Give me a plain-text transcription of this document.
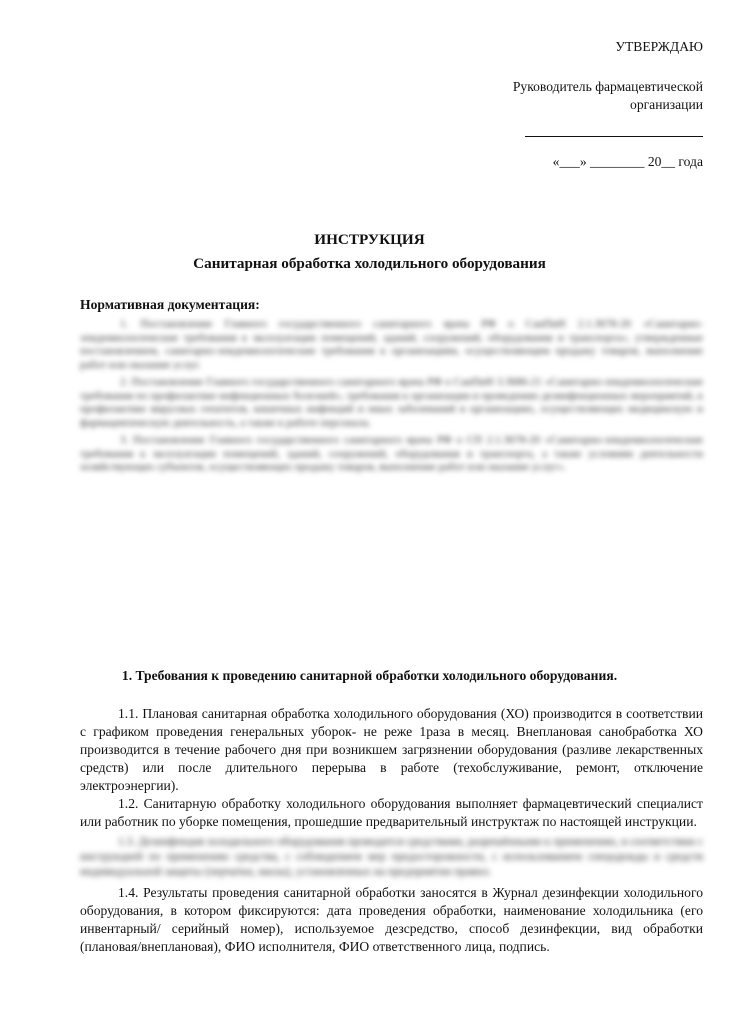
УТВЕРЖДАЮ
Руководитель фармацевтической
организации
«___» ________ 20__ года
ИНСТРУКЦИЯ
Санитарная обработка холодильного оборудования
Нормативная документация:

1. Постановление Главного государственного санитарного врача РФ о СанПиН 2.1.3678-20 «Санитарно-эпидемиологические требования к эксплуатации помещений, зданий, сооружений, оборудования и транспорта», утвержденные постановлением, санитарно-эпидемиологические требования к организациям, осуществляющим продажу товаров, выполнение работ или оказание услуг.

2. Постановление Главного государственного санитарного врача РФ о СанПиН 3.3686-21 «Санитарно-эпидемиологические требования по профилактике инфекционных болезней», требования к организации и проведению дезинфекционных мероприятий, к профилактике вирусных гепатитов, кишечных инфекций и иных заболеваний в организациях, осуществляющих медицинскую и фармацевтическую деятельность, а также к работе персонала.

3. Постановление Главного государственного санитарного врача РФ о СП 2.1.3678-20 «Санитарно-эпидемиологические требования к эксплуатации помещений, зданий, сооружений, оборудования и транспорта, а также условиям деятельности хозяйствующих субъектов, осуществляющих продажу товаров, выполнение работ или оказание услуг».

1. Требования к проведению санитарной обработки холодильного оборудования.

1.1. Плановая санитарная обработка холодильного оборудования (ХО) производится в соответствии с графиком проведения генеральных уборок- не реже 1раза в месяц. Внеплановая санобработка ХО производится в течение рабочего дня при возникшем загрязнении оборудования (разливе лекарственных средств) или после длительного перерыва в работе (техобслуживание, ремонт, отключение электроэнергии).

1.2. Санитарную обработку холодильного оборудования выполняет фармацевтический специалист или работник по уборке помещения, прошедшие предварительный инструктаж по настоящей инструкции.

1.3. Дезинфекция холодильного оборудования проводится средствами, разрешёнными к применению, в соответствии с инструкцией по применению средства, с соблюдением мер предосторожности, с использованием спецодежды и средств индивидуальной защиты (перчатки, маска), установленных на предприятии правил.

1.4. Результаты проведения санитарной обработки заносятся в Журнал дезинфекции холодильного оборудования, в котором фиксируются: дата проведения обработки, наименование холодильника (его инвентарный/ серийный номер), используемое дезсредство, способ дезинфекции, вид обработки (плановая/внеплановая), ФИО исполнителя, ФИО ответственного лица, подпись.
